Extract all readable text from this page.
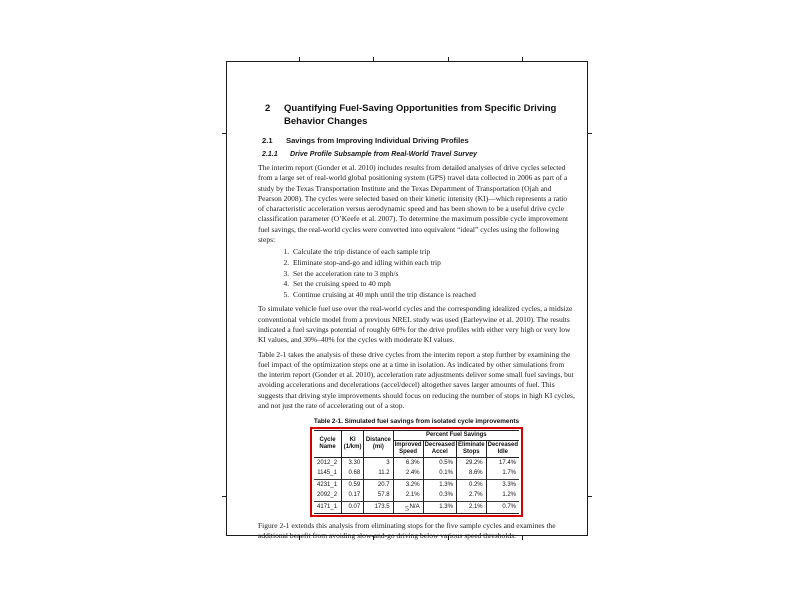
2	Quantifying Fuel-Saving Opportunities from Specific Driving Behavior Changes
2.1	Savings from Improving Individual Driving Profiles
2.1.1	Drive Profile Subsample from Real-World Travel Survey

The interim report (Gonder et al. 2010) includes results from detailed analyses of drive cycles selected from a large set of real-world global positioning system (GPS) travel data collected in 2006 as part of a study by the Texas Transportation Institute and the Texas Department of Transportation (Ojah and Pearson 2008). The cycles were selected based on their kinetic intensity (KI)—which represents a ratio of characteristic acceleration versus aerodynamic speed and has been shown to be a useful drive cycle classification parameter (O’Keefe et al. 2007). To determine the maximum possible cycle improvement fuel savings, the real-world cycles were converted into equivalent “ideal” cycles using the following steps:

1. Calculate the trip distance of each sample trip
2. Eliminate stop-and-go and idling within each trip
3. Set the acceleration rate to 3 mph/s
4. Set the cruising speed to 40 mph
5. Continue cruising at 40 mph until the trip distance is reached

To simulate vehicle fuel use over the real-world cycles and the corresponding idealized cycles, a midsize conventional vehicle model from a previous NREL study was used (Earleywine et al. 2010). The results indicated a fuel savings potential of roughly 60% for the drive profiles with either very high or very low KI values, and 30%–40% for the cycles with moderate KI values.

Table 2-1 takes the analysis of these drive cycles from the interim report a step further by examining the fuel impact of the optimization steps one at a time in isolation. As indicated by other simulations from the interim report (Gonder et al. 2010), acceleration rate adjustments deliver some small fuel savings, but avoiding accelerations and decelerations (accel/decel) altogether saves larger amounts of fuel. This suggests that driving style improvements should focus on reducing the number of stops in high KI cycles, and not just the rate of accelerating out of a stop.

Table 2-1. Simulated fuel savings from isolated cycle improvements
Cycle Name	KI (1/km)	Distance (mi)	Percent Fuel Savings			
			Improved Speed	Decreased Accel	Eliminate Stops	Decreased Idle
2012_2	3.30	3	6.3%	0.5%	29.2%	17.4%
1145_1	0.68	11.2	2.4%	0.1%	8.6%	1.7%
4231_1	0.59	20.7	3.2%	1.3%	0.2%	3.3%
2092_2	0.17	57.8	2.1%	0.3%	2.7%	1.2%
4171_1	0.07	173.5	N/A	1.3%	2.1%	0.7%

Figure 2-1 extends this analysis from eliminating stops for the five sample cycles and examines the additional benefit from avoiding slow-and-go driving below various speed thresholds.

5
